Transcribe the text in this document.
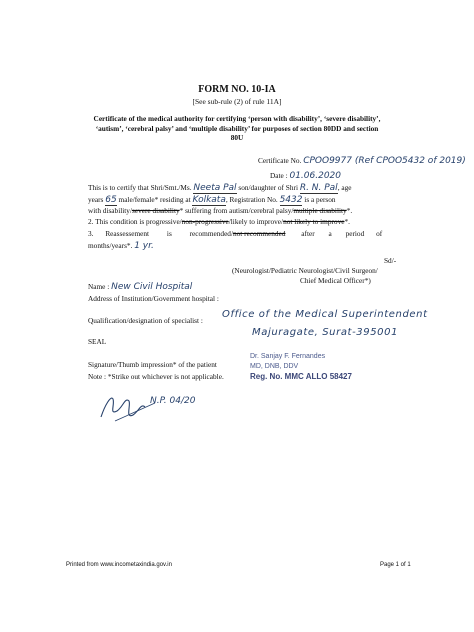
FORM NO. 10-IA
[See sub-rule (2) of rule 11A]
Certificate of the medical authority for certifying ‘person with disability’, ‘severe disability’, ‘autism’, ‘cerebral palsy’ and ‘multiple disability’ for purposes of section 80DD and section 80U
Certificate No. CPOO9977 (Ref CPOO5432 of 2019)
Date : 01.06.2020
This is to certify that Shri/Smt./Ms. Neeta Pal son/daughter of Shri R. N. Pal, age
years 65 male/female* residing at Kolkata, Registration No. 5432 is a person
with disability/severe disability* suffering from autism/cerebral palsy/multiple disability*.
2. This condition is progressive/non-progressive/likely to improve/not likely to improve*.
3. Reassessement is recommended/not recommended after a period of
months/years*. 1 yr.
Sd/-
(Neurologist/Pediatric Neurologist/Civil Surgeon/
Chief Medical Officer*)
Name : New Civil Hospital
Address of Institution/Government hospital :
Qualification/designation of specialist :
Office of the Medical Superintendent
Majuragate, Surat-395001
SEAL
Dr. Sanjay F. Fernandes
MD, DNB, DDV
Reg. No. MMC ALLO 58427
Signature/Thumb impression* of the patient
Note : *Strike out whichever is not applicable.
N.P. 04/20
Printed from www.incometaxindia.gov.in	Page 1 of 1
